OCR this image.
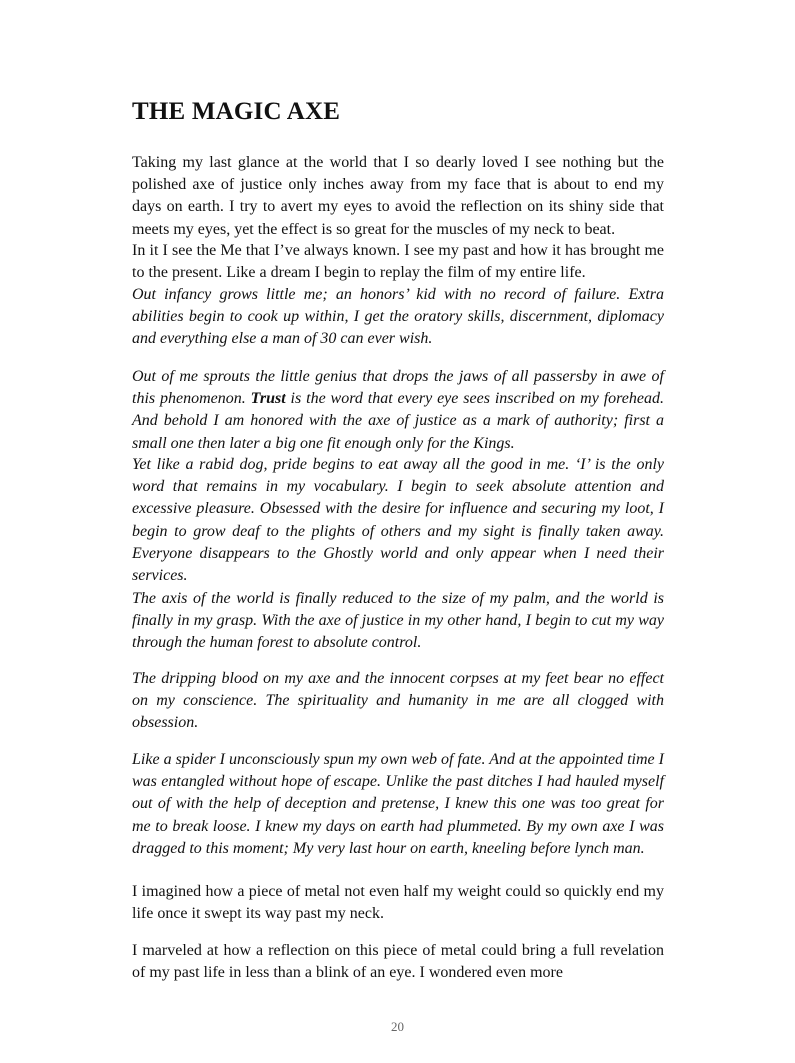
THE MAGIC AXE

Taking my last glance at the world that I so dearly loved I see nothing but the polished axe of justice only inches away from my face that is about to end my days on earth. I try to avert my eyes to avoid the reflection on its shiny side that meets my eyes, yet the effect is so great for the muscles of my neck to beat.

In it I see the Me that I’ve always known. I see my past and how it has brought me to the present. Like a dream I begin to replay the film of my entire life.

Out infancy grows little me; an honors’ kid with no record of failure. Extra abilities begin to cook up within, I get the oratory skills, discernment, diplomacy and everything else a man of 30 can ever wish.

Out of me sprouts the little genius that drops the jaws of all passersby in awe of this phenomenon. Trust is the word that every eye sees inscribed on my forehead. And behold I am honored with the axe of justice as a mark of authority; first a small one then later a big one fit enough only for the Kings.

Yet like a rabid dog, pride begins to eat away all the good in me. ‘I’ is the only word that remains in my vocabulary. I begin to seek absolute attention and excessive pleasure. Obsessed with the desire for influence and securing my loot, I begin to grow deaf to the plights of others and my sight is finally taken away. Everyone disappears to the Ghostly world and only appear when I need their services.

The axis of the world is finally reduced to the size of my palm, and the world is finally in my grasp. With the axe of justice in my other hand, I begin to cut my way through the human forest to absolute control.

The dripping blood on my axe and the innocent corpses at my feet bear no effect on my conscience. The spirituality and humanity in me are all clogged with obsession.

Like a spider I unconsciously spun my own web of fate. And at the appointed time I was entangled without hope of escape. Unlike the past ditches I had hauled myself out of with the help of deception and pretense, I knew this one was too great for me to break loose. I knew my days on earth had plummeted. By my own axe I was dragged to this moment; My very last hour on earth, kneeling before lynch man.

I imagined how a piece of metal not even half my weight could so quickly end my life once it swept its way past my neck.

I marveled at how a reflection on this piece of metal could bring a full revelation of my past life in less than a blink of an eye. I wondered even more

20
